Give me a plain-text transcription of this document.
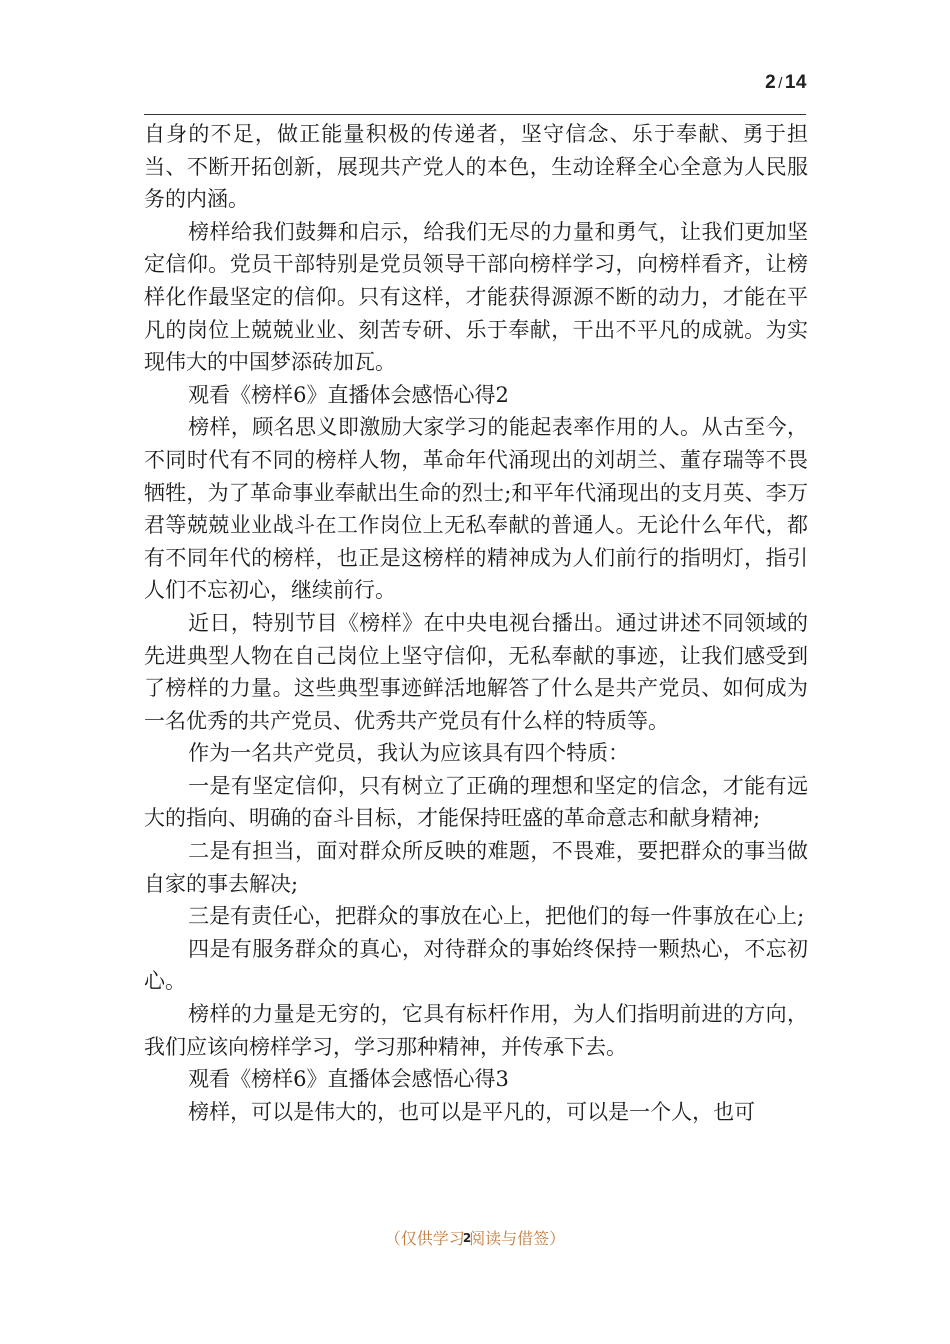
2 / 14

自身的不足，做正能量积极的传递者，坚守信念、乐于奉献、勇于担当、不断开拓创新，展现共产党人的本色，生动诠释全心全意为人民服务的内涵。

榜样给我们鼓舞和启示，给我们无尽的力量和勇气，让我们更加坚定信仰。党员干部特别是党员领导干部向榜样学习，向榜样看齐，让榜样化作最坚定的信仰。只有这样，才能获得源源不断的动力，才能在平凡的岗位上兢兢业业、刻苦专研、乐于奉献，干出不平凡的成就。为实现伟大的中国梦添砖加瓦。

观看《榜样6》直播体会感悟心得2

榜样，顾名思义即激励大家学习的能起表率作用的人。从古至今，不同时代有不同的榜样人物，革命年代涌现出的刘胡兰、董存瑞等不畏牺牲，为了革命事业奉献出生命的烈士;和平年代涌现出的支月英、李万君等兢兢业业战斗在工作岗位上无私奉献的普通人。无论什么年代，都有不同年代的榜样，也正是这榜样的精神成为人们前行的指明灯，指引人们不忘初心，继续前行。

近日，特别节目《榜样》在中央电视台播出。通过讲述不同领域的先进典型人物在自己岗位上坚守信仰，无私奉献的事迹，让我们感受到了榜样的力量。这些典型事迹鲜活地解答了什么是共产党员、如何成为一名优秀的共产党员、优秀共产党员有什么样的特质等。

作为一名共产党员，我认为应该具有四个特质：

一是有坚定信仰，只有树立了正确的理想和坚定的信念，才能有远大的指向、明确的奋斗目标，才能保持旺盛的革命意志和献身精神;

二是有担当，面对群众所反映的难题，不畏难，要把群众的事当做自家的事去解决;

三是有责任心，把群众的事放在心上，把他们的每一件事放在心上;

四是有服务群众的真心，对待群众的事始终保持一颗热心，不忘初心。

榜样的力量是无穷的，它具有标杆作用，为人们指明前进的方向，我们应该向榜样学习，学习那种精神，并传承下去。

观看《榜样6》直播体会感悟心得3

榜样，可以是伟大的，也可以是平凡的，可以是一个人，也可

（仅供学习2阅读与借签）
